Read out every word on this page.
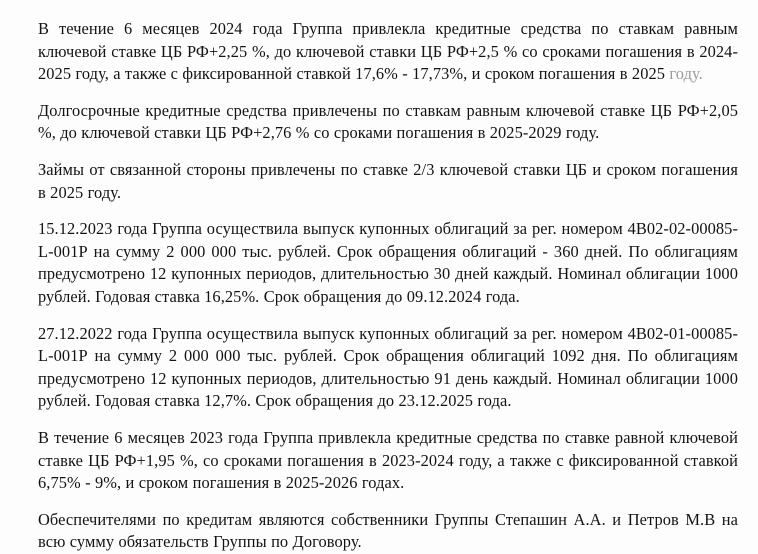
В течение 6 месяцев 2024 года Группа привлекла кредитные средства по ставкам равным ключевой ставке ЦБ РФ+2,25 %, до ключевой ставки ЦБ РФ+2,5 % со сроками погашения в 2024-2025 году, а также с фиксированной ставкой 17,6% - 17,73%, и сроком погашения в 2025 году.

Долгосрочные кредитные средства привлечены по ставкам равным ключевой ставке ЦБ РФ+2,05 %, до ключевой ставки ЦБ РФ+2,76 % со сроками погашения в 2025-2029 году.

Займы от связанной стороны привлечены по ставке 2/3 ключевой ставки ЦБ и сроком погашения в 2025 году.

15.12.2023 года Группа осуществила выпуск купонных облигаций за рег. номером 4В02-02-00085-L-001Р на сумму 2 000 000 тыс. рублей. Срок обращения облигаций - 360 дней. По облигациям предусмотрено 12 купонных периодов, длительностью 30 дней каждый. Номинал облигации 1000 рублей. Годовая ставка 16,25%. Срок обращения до 09.12.2024 года.

27.12.2022 года Группа осуществила выпуск купонных облигаций за рег. номером 4В02-01-00085-L-001Р на сумму 2 000 000 тыс. рублей. Срок обращения облигаций 1092 дня. По облигациям предусмотрено 12 купонных периодов, длительностью 91 день каждый. Номинал облигации 1000 рублей. Годовая ставка 12,7%. Срок обращения до 23.12.2025 года.

В течение 6 месяцев 2023 года Группа привлекла кредитные средства по ставке равной ключевой ставке ЦБ РФ+1,95 %, со сроками погашения в 2023-2024 году, а также с фиксированной ставкой 6,75% - 9%, и сроком погашения в 2025-2026 годах.

Обеспечителями по кредитам являются собственники Группы Степашин А.А. и Петров М.В на всю сумму обязательств Группы по Договору.
